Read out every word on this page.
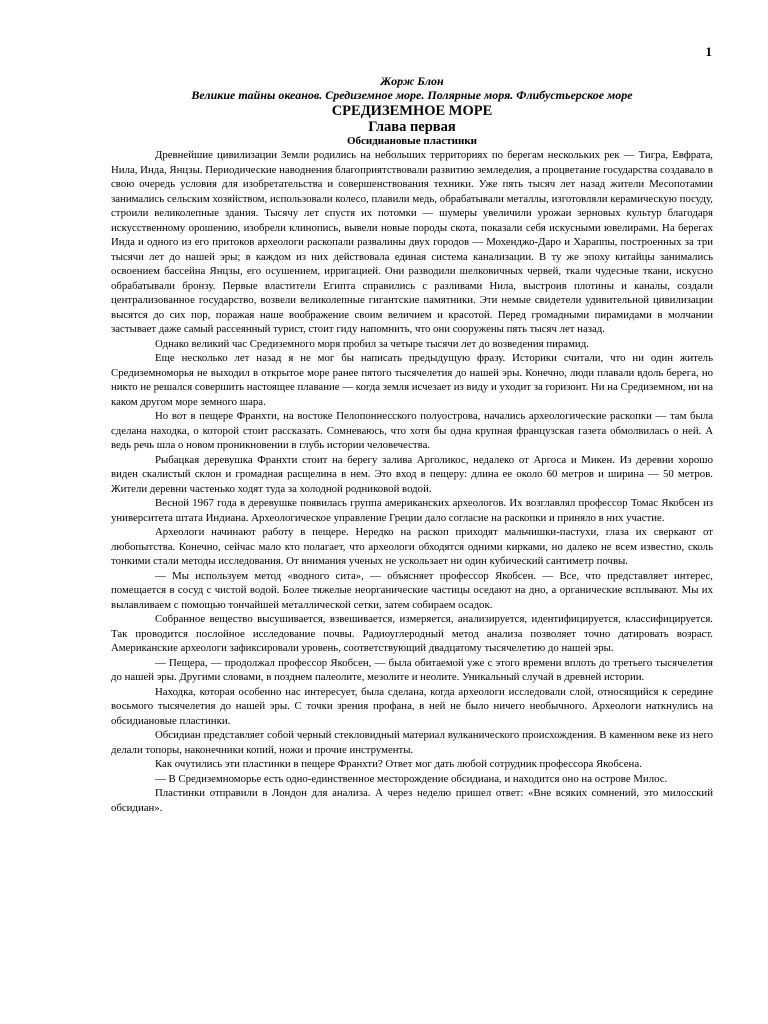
1
Жорж Блон
Великие тайны океанов. Средиземное море. Полярные моря. Флибустьерское море
СРЕДИЗЕМНОЕ МОРЕ
Глава первая
Обсидиановые пластинки

Древнейшие цивилизации Земли родились на небольших территориях по берегам нескольких рек — Тигра, Евфрата, Нила, Инда, Янцзы. Периодические наводнения благоприятствовали развитию земледелия, а процветание государства создавало в свою очередь условия для изобретательства и совершенствования техники. Уже пять тысяч лет назад жители Месопотамии занимались сельским хозяйством, использовали колесо, плавили медь, обрабатывали металлы, изготовляли керамическую посуду, строили великолепные здания. Тысячу лет спустя их потомки — шумеры увеличили урожаи зерновых культур благодаря искусственному орошению, изобрели клинопись, вывели новые породы скота, показали себя искусными ювелирами. На берегах Инда и одного из его притоков археологи раскопали развалины двух городов — Мохенджо-Даро и Хараппы, построенных за три тысячи лет до нашей эры; в каждом из них действовала единая система канализации. В ту же эпоху китайцы занимались освоением бассейна Янцзы, его осушением, ирригацией. Они разводили шелковичных червей, ткали чудесные ткани, искусно обрабатывали бронзу. Первые властители Египта справились с разливами Нила, выстроив плотины и каналы, создали централизованное государство, возвели великолепные гигантские памятники. Эти немые свидетели удивительной цивилизации высятся до сих пор, поражая наше воображение своим величием и красотой. Перед громадными пирамидами в молчании застывает даже самый рассеянный турист, стоит гиду напомнить, что они сооружены пять тысяч лет назад.

Однако великий час Средиземного моря пробил за четыре тысячи лет до возведения пирамид.

Еще несколько лет назад я не мог бы написать предыдущую фразу. Историки считали, что ни один житель Средиземноморья не выходил в открытое море ранее пятого тысячелетия до нашей эры. Конечно, люди плавали вдоль берега, но никто не решался совершить настоящее плавание — когда земля исчезает из виду и уходит за горизонт. Ни на Средиземном, ни на каком другом море земного шара.

Но вот в пещере Франхти, на востоке Пелопоннесского полуострова, начались археологические раскопки — там была сделана находка, о которой стоит рассказать. Сомневаюсь, что хотя бы одна крупная французская газета обмолвилась о ней. А ведь речь шла о новом проникновении в глубь истории человечества.

Рыбацкая деревушка Франхти стоит на берегу залива Арголикос, недалеко от Аргоса и Микен. Из деревни хорошо виден скалистый склон и громадная расщелина в нем. Это вход в пещеру: длина ее около 60 метров и ширина — 50 метров. Жители деревни частенько ходят туда за холодной родниковой водой.

Весной 1967 года в деревушке появилась группа американских археологов. Их возглавлял профессор Томас Якобсен из университета штата Индиана. Археологическое управление Греции дало согласие на раскопки и приняло в них участие.

Археологи начинают работу в пещере. Нередко на раскоп приходят мальчишки-пастухи, глаза их сверкают от любопытства. Конечно, сейчас мало кто полагает, что археологи обходятся одними кирками, но далеко не всем известно, сколь тонкими стали методы исследования. От внимания ученых не ускользает ни один кубический сантиметр почвы.

— Мы используем метод «водного сита», — объясняет профессор Якобсен. — Все, что представляет интерес, помещается в сосуд с чистой водой. Более тяжелые неорганические частицы оседают на дно, а органические всплывают. Мы их вылавливаем с помощью тончайшей металлической сетки, затем собираем осадок.

Собранное вещество высушивается, взвешивается, измеряется, анализируется, идентифицируется, классифицируется. Так проводится послойное исследование почвы. Радиоуглеродный метод анализа позволяет точно датировать возраст. Американские археологи зафиксировали уровень, соответствующий двадцатому тысячелетию до нашей эры.

— Пещера, — продолжал профессор Якобсен, — была обитаемой уже с этого времени вплоть до третьего тысячелетия до нашей эры. Другими словами, в позднем палеолите, мезолите и неолите. Уникальный случай в древней истории.

Находка, которая особенно нас интересует, была сделана, когда археологи исследовали слой, относящийся к середине восьмого тысячелетия до нашей эры. С точки зрения профана, в ней не было ничего необычного. Археологи наткнулись на обсидиановые пластинки.

Обсидиан представляет собой черный стекловидный материал вулканического происхождения. В каменном веке из него делали топоры, наконечники копий, ножи и прочие инструменты.

Как очутились эти пластинки в пещере Франхти? Ответ мог дать любой сотрудник профессора Якобсена.

— В Средиземноморье есть одно-единственное месторождение обсидиана, и находится оно на острове Милос.

Пластинки отправили в Лондон для анализа. А через неделю пришел ответ: «Вне всяких сомнений, это милосский обсидиан».
